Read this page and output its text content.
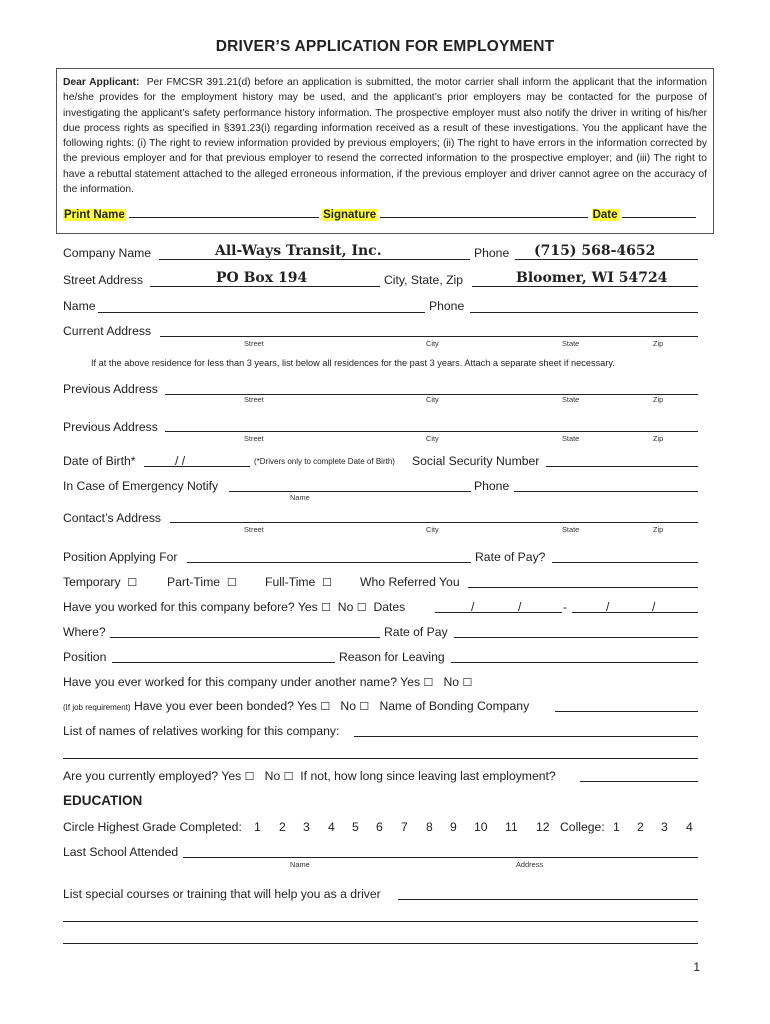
DRIVER’S APPLICATION FOR EMPLOYMENT

Dear Applicant: Per FMCSR 391.21(d) before an application is submitted, the motor carrier shall inform the applicant that the information he/she provides for the employment history may be used, and the applicant’s prior employers may be contacted for the purpose of investigating the applicant’s safety performance history information. The prospective employer must also notify the driver in writing of his/her due process rights as specified in §391.23(i) regarding information received as a result of these investigations. You the applicant have the following rights: (i) The right to review information provided by previous employers; (ii) The right to have errors in the information corrected by the previous employer and for that previous employer to resend the corrected information to the prospective employer; and (iii) The right to have a rebuttal statement attached to the alleged erroneous information, if the previous employer and driver cannot agree on the accuracy of the information.

Print Name	Signature	Date
Company Name	All-Ways Transit, Inc.	Phone (715) 568-4652
Street Address	PO Box 194	City, State, Zip	Bloomer, WI 54724
Name	Phone
Current Address
Street	City	State	Zip
If at the above residence for less than 3 years, list below all residences for the past 3 years. Attach a separate sheet if necessary.
Previous Address
Street	City	State	Zip
Previous Address
Street	City	State	Zip
Date of Birth*	/ /	(*Drivers only to complete Date of Birth) Social Security Number
In Case of Emergency Notify
Name
Phone
Contact’s Address
Street	City	State	Zip
Position Applying For	Rate of Pay?
Temporary ☐ Part-Time ☐ Full-Time ☐ Who Referred You
Have you worked for this company before? Yes ☐ No ☐ Dates	/	/	-	/	/
Where?	Rate of Pay
Position	Reason for Leaving
Have you ever worked for this company under another name? Yes ☐ No ☐
(If job requirement) Have you ever been bonded? Yes ☐ No ☐ Name of Bonding Company
List of names of relatives working for this company:
Are you currently employed? Yes ☐ No ☐ If not, how long since leaving last employment?
EDUCATION
Circle Highest Grade Completed: 1 2 3 4 5 6 7 8 9 10 11 12 College: 1 2 3 4
Last School Attended
Name	Address
List special courses or training that will help you as a driver
1
